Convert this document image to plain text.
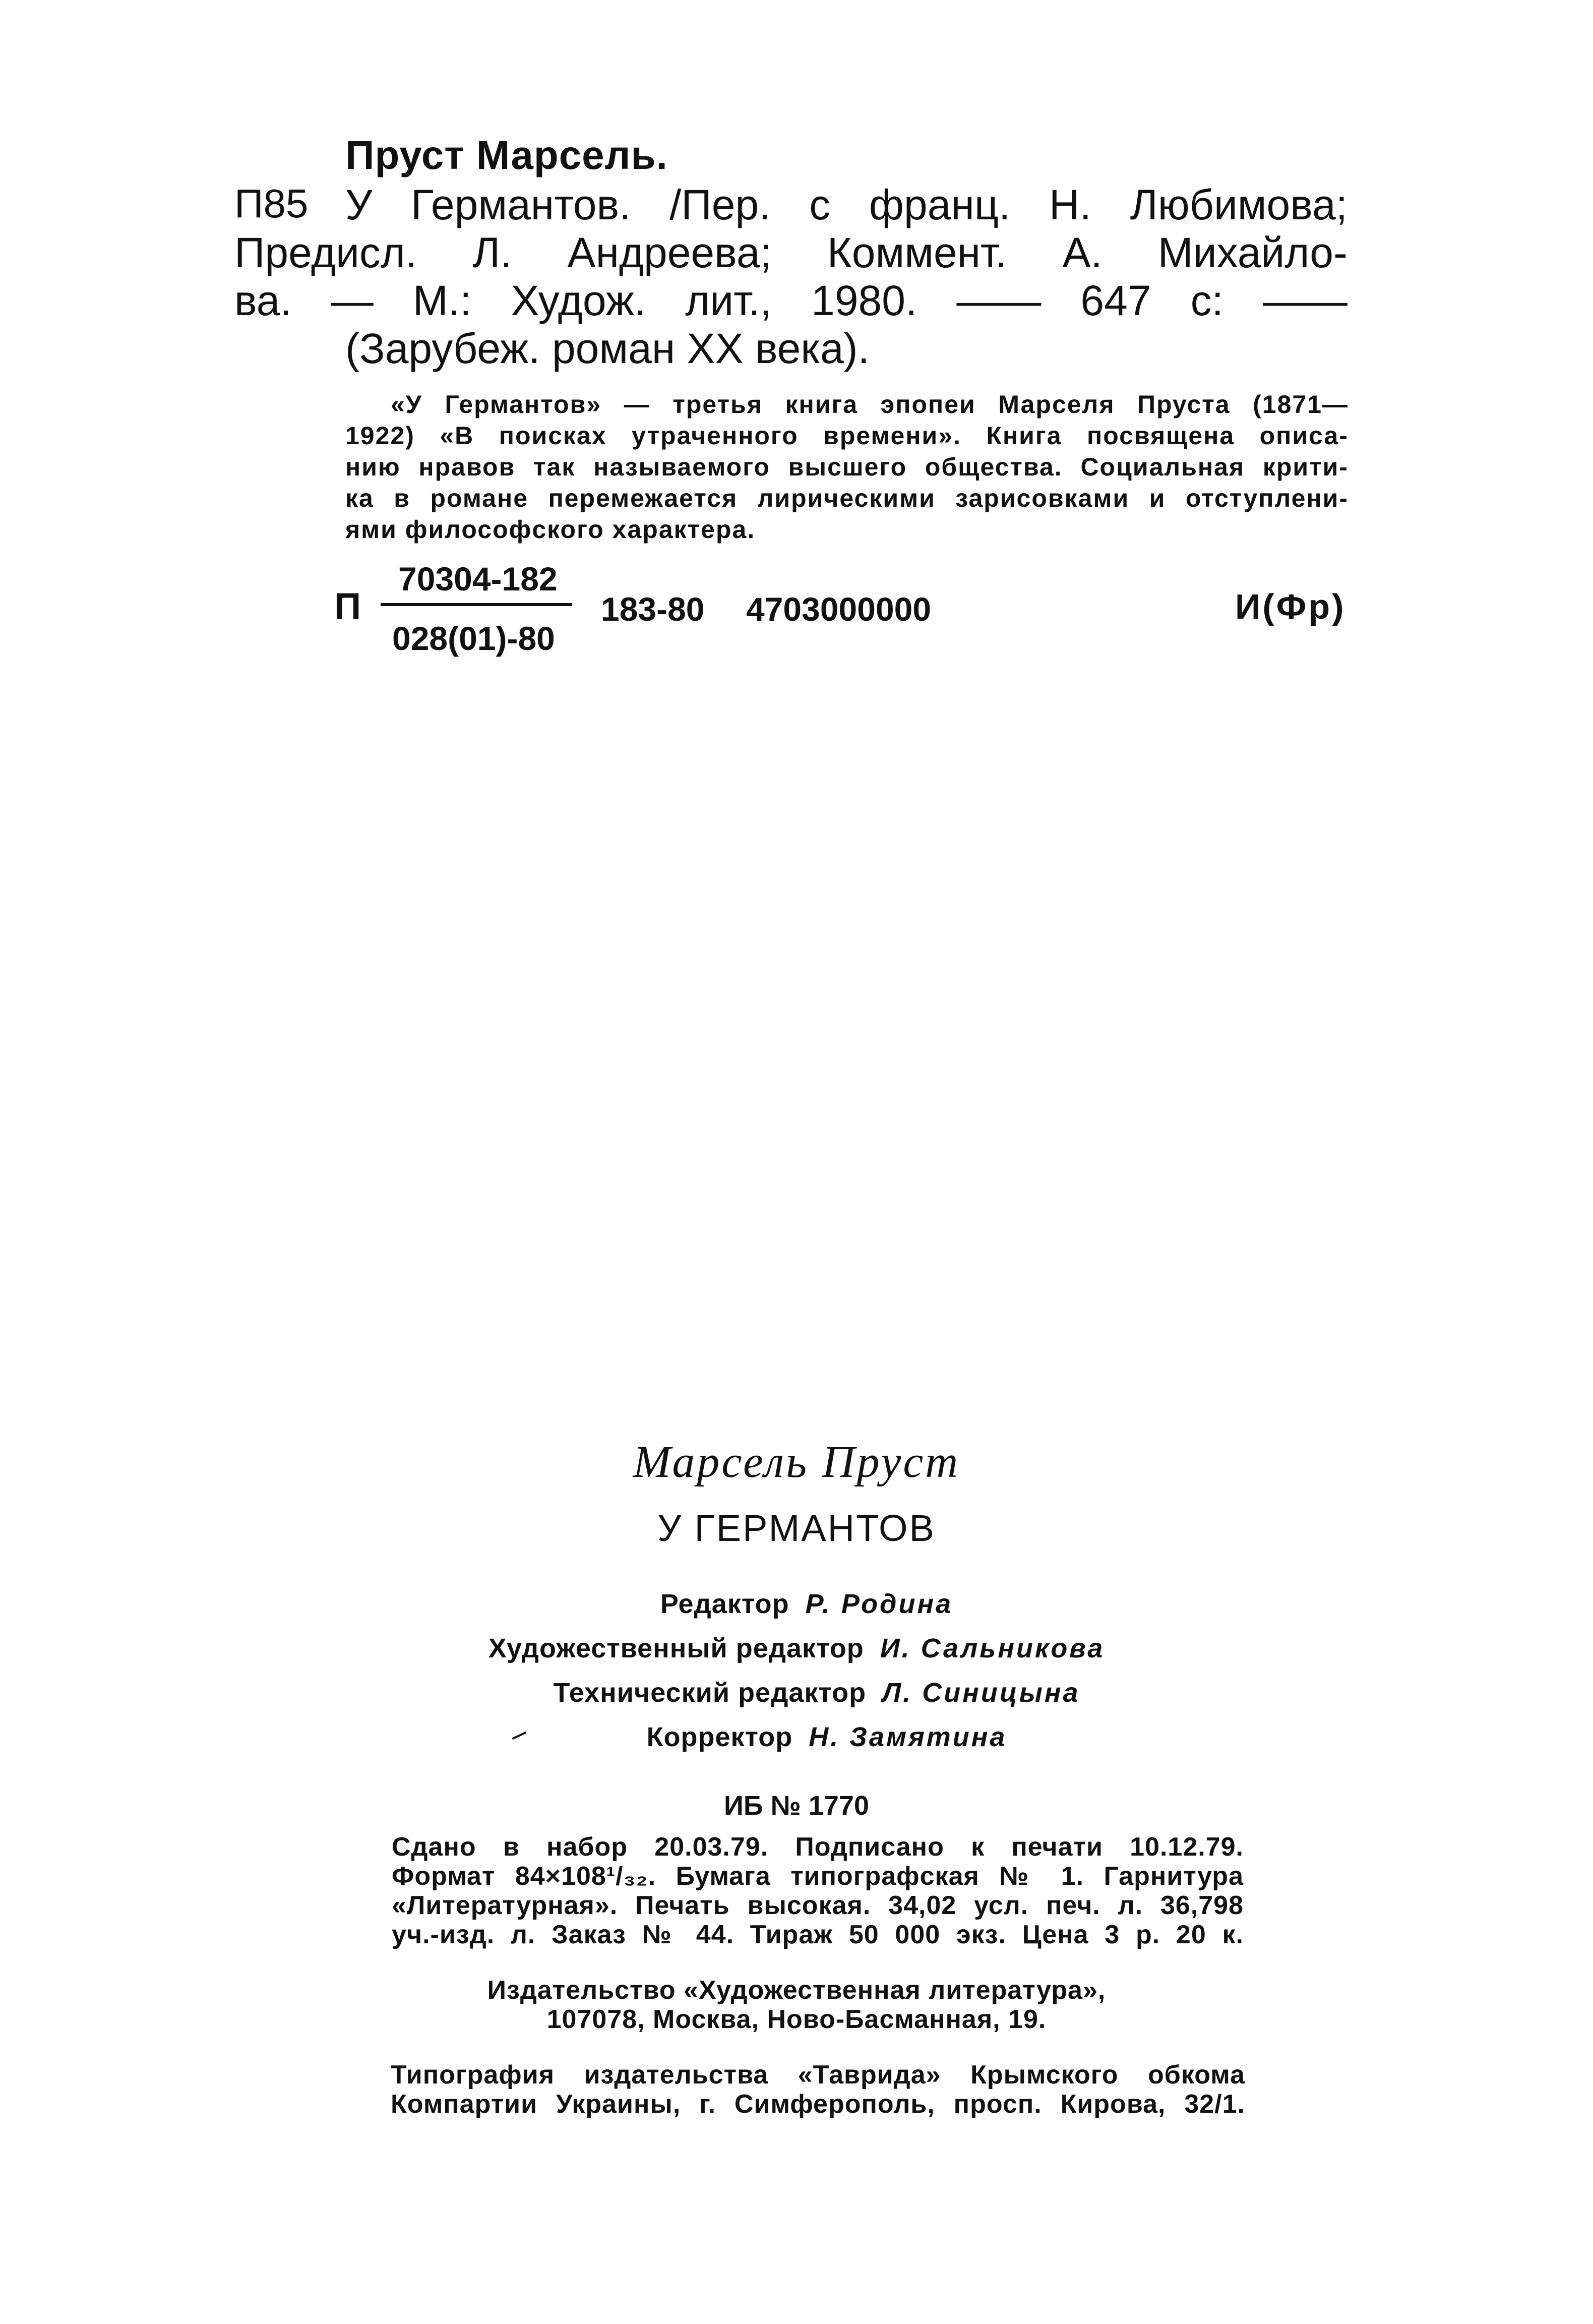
Пруст Марсель.
П85 У Германтов. /Пер. с франц. Н. Любимова;
Предисл. Л. Андреева; Коммент. А. Михайло-
ва. — М.: Худож. лит., 1980. —— 647 с: ——
(Зарубеж. роман XX века).
«У Германтов» — третья книга эпопеи Марселя Пруста (1871—
1922) «В поисках утраченного времени». Книга посвящена описа-
нию нравов так называемого высшего общества. Социальная крити-
ка в романе перемежается лирическими зарисовками и отступлени-
ями философского характера.
П
70304-182
028(01)-80
183-80 4703000000	И(Фр)
Марсель Пруст
У ГЕРМАНТОВ
Редактор Р. Родина
Художественный редактор И. Сальникова
Технический редактор Л. Синицына
Корректор Н. Замятина
ИБ № 1770
Сдано в набор 20.03.79. Подписано к печати 10.12.79.
Формат 84×108¹/₃₂. Бумага типографская № 1. Гарнитура
«Литературная». Печать высокая. 34,02 усл. печ. л. 36,798
уч.-изд. л. Заказ № 44. Тираж 50 000 экз. Цена 3 р. 20 к.
Издательство «Художественная литература»,
107078, Москва, Ново-Басманная, 19.
Типография издательства «Таврида» Крымского обкома
Компартии Украины, г. Симферополь, просп. Кирова, 32/1.
